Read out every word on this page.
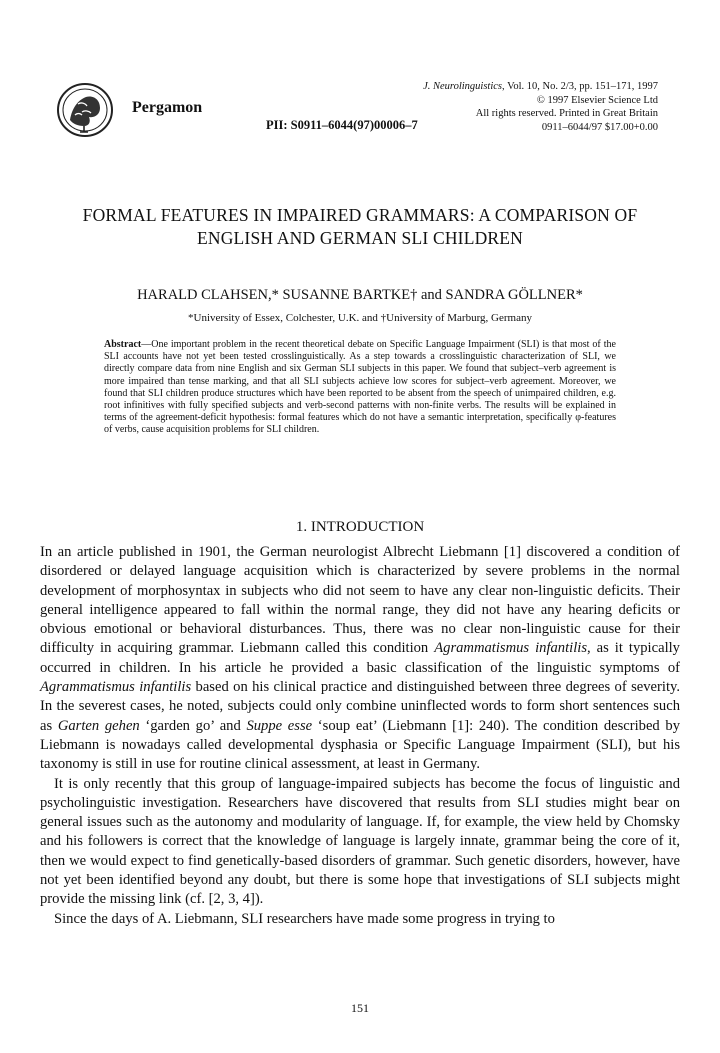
Pergamon
J. Neurolinguistics, Vol. 10, No. 2/3, pp. 151–171, 1997
© 1997 Elsevier Science Ltd
All rights reserved. Printed in Great Britain
0911–6044/97 $17.00+0.00
PII: S0911–6044(97)00006–7
FORMAL FEATURES IN IMPAIRED GRAMMARS: A COMPARISON OF
ENGLISH AND GERMAN SLI CHILDREN
HARALD CLAHSEN,* SUSANNE BARTKE† and SANDRA GÖLLNER*
*University of Essex, Colchester, U.K. and †University of Marburg, Germany
Abstract—One important problem in the recent theoretical debate on Specific Language Impairment (SLI) is that most of the SLI accounts have not yet been tested crosslinguistically. As a step towards a crosslinguistic characterization of SLI, we directly compare data from nine English and six German SLI subjects in this paper. We found that subject–verb agreement is more impaired than tense marking, and that all SLI subjects achieve low scores for subject–verb agreement. Moreover, we found that SLI children produce structures which have been reported to be absent from the speech of unimpaired children, e.g. root infinitives with fully specified subjects and verb-second patterns with non-finite verbs. The results will be explained in terms of the agreement-deficit hypothesis: formal features which do not have a semantic interpretation, specifically φ-features of verbs, cause acquisition problems for SLI children.
1. INTRODUCTION

In an article published in 1901, the German neurologist Albrecht Liebmann [1] discovered a condition of disordered or delayed language acquisition which is characterized by severe problems in the normal development of morphosyntax in subjects who did not seem to have any clear non-linguistic deficits. Their general intelligence appeared to fall within the normal range, they did not have any hearing deficits or obvious emotional or behavioral disturbances. Thus, there was no clear non-linguistic cause for their difficulty in acquiring grammar. Liebmann called this condition Agrammatismus infantilis, as it typically occurred in children. In his article he provided a basic classification of the linguistic symptoms of Agrammatismus infantilis based on his clinical practice and distinguished between three degrees of severity. In the severest cases, he noted, subjects could only combine uninflected words to form short sentences such as Garten gehen ‘garden go’ and Suppe esse ‘soup eat’ (Liebmann [1]: 240). The condition described by Liebmann is nowadays called developmental dysphasia or Specific Language Impairment (SLI), but his taxonomy is still in use for routine clinical assessment, at least in Germany.

It is only recently that this group of language-impaired subjects has become the focus of linguistic and psycholinguistic investigation. Researchers have discovered that results from SLI studies might bear on general issues such as the autonomy and modularity of language. If, for example, the view held by Chomsky and his followers is correct that the knowledge of language is largely innate, grammar being the core of it, then we would expect to find genetically-based disorders of grammar. Such genetic disorders, however, have not yet been identified beyond any doubt, but there is some hope that investigations of SLI subjects might provide the missing link (cf. [2, 3, 4]).

Since the days of A. Liebmann, SLI researchers have made some progress in trying to

151
